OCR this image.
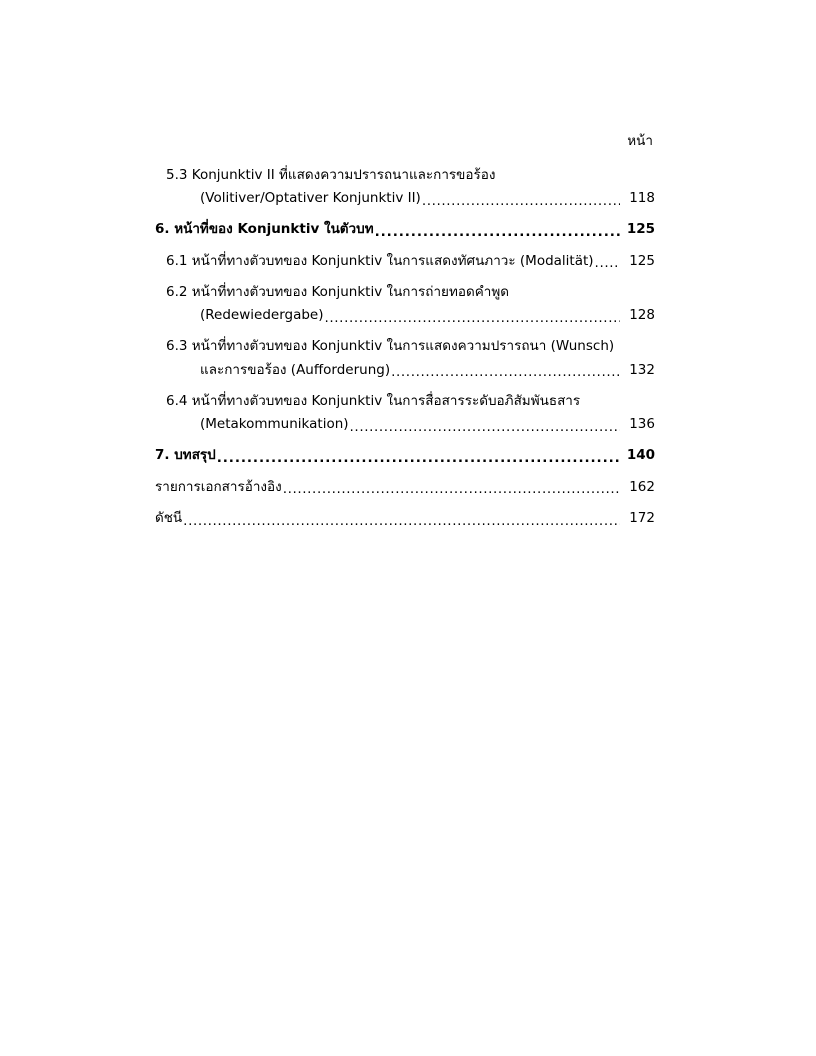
หน้า
5.3 Konjunktiv II ที่แสดงความปรารถนาและการขอร้อง
(Volitiver/Optativer Konjunktiv II) .....	118
6. หน้าที่ของ Konjunktiv ในตัวบท .....	125
6.1 หน้าที่ทางตัวบทของ Konjunktiv ในการแสดงทัศนภาวะ (Modalität) .....	125
6.2 หน้าที่ทางตัวบทของ Konjunktiv ในการถ่ายทอดคำพูด
(Redewiedergabe) .....	128
6.3 หน้าที่ทางตัวบทของ Konjunktiv ในการแสดงความปรารถนา (Wunsch)
และการขอร้อง (Aufforderung) .....	132
6.4 หน้าที่ทางตัวบทของ Konjunktiv ในการสื่อสารระดับอภิสัมพันธสาร
(Metakommunikation) .....	136
7. บทสรุป .....	140
รายการเอกสารอ้างอิง .....	162
ดัชนี .....	172
